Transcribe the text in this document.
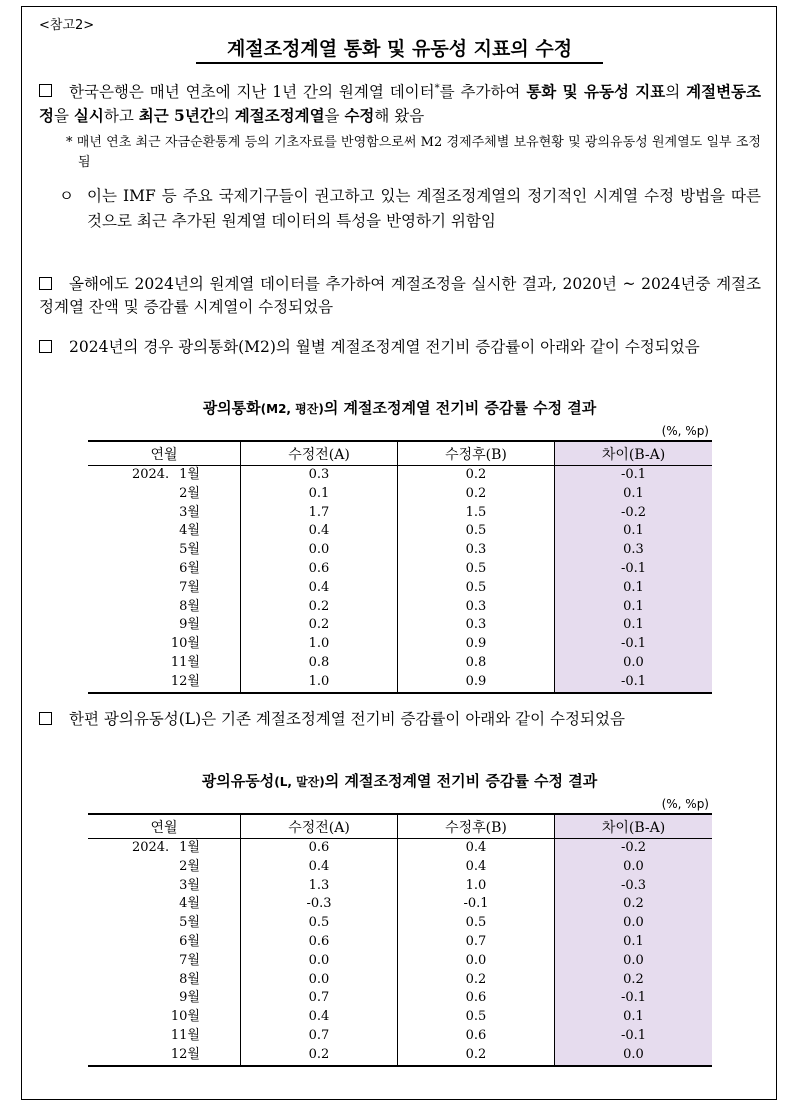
<참고2>
계절조정계열 통화 및 유동성 지표의 수정
한국은행은 매년 연초에 지난 1년 간의 원계열 데이터*를 추가하여 통화 및 유동성 지표의 계절변동조정을 실시하고 최근 5년간의 계절조정계열을 수정해 왔음
* 매년 연초 최근 자금순환통계 등의 기초자료를 반영함으로써 M2 경제주체별 보유현황 및 광의유동성 원계열도 일부 조정됨
ㅇ 이는 IMF 등 주요 국제기구들이 권고하고 있는 계절조정계열의 정기적인 시계열 수정 방법을 따른 것으로 최근 추가된 원계열 데이터의 특성을 반영하기 위함임
올해에도 2024년의 원계열 데이터를 추가하여 계절조정을 실시한 결과, 2020년 ~ 2024년중 계절조정계열 잔액 및 증감률 시계열이 수정되었음
2024년의 경우 광의통화(M2)의 월별 계절조정계열 전기비 증감률이 아래와 같이 수정되었음
광의통화(M2, 평잔)의 계절조정계열 전기비 증감률 수정 결과
(%, %p)
연월	수정전(A)	수정후(B)	차이(B-A)
2024. 1월	0.3	0.2	-0.1
2월	0.1	0.2	0.1
3월	1.7	1.5	-0.2
4월	0.4	0.5	0.1
5월	0.0	0.3	0.3
6월	0.6	0.5	-0.1
7월	0.4	0.5	0.1
8월	0.2	0.3	0.1
9월	0.2	0.3	0.1
10월	1.0	0.9	-0.1
11월	0.8	0.8	0.0
12월	1.0	0.9	-0.1
한편 광의유동성(L)은 기존 계절조정계열 전기비 증감률이 아래와 같이 수정되었음
광의유동성(L, 말잔)의 계절조정계열 전기비 증감률 수정 결과
(%, %p)
연월	수정전(A)	수정후(B)	차이(B-A)
2024. 1월	0.6	0.4	-0.2
2월	0.4	0.4	0.0
3월	1.3	1.0	-0.3
4월	-0.3	-0.1	0.2
5월	0.5	0.5	0.0
6월	0.6	0.7	0.1
7월	0.0	0.0	0.0
8월	0.0	0.2	0.2
9월	0.7	0.6	-0.1
10월	0.4	0.5	0.1
11월	0.7	0.6	-0.1
12월	0.2	0.2	0.0
